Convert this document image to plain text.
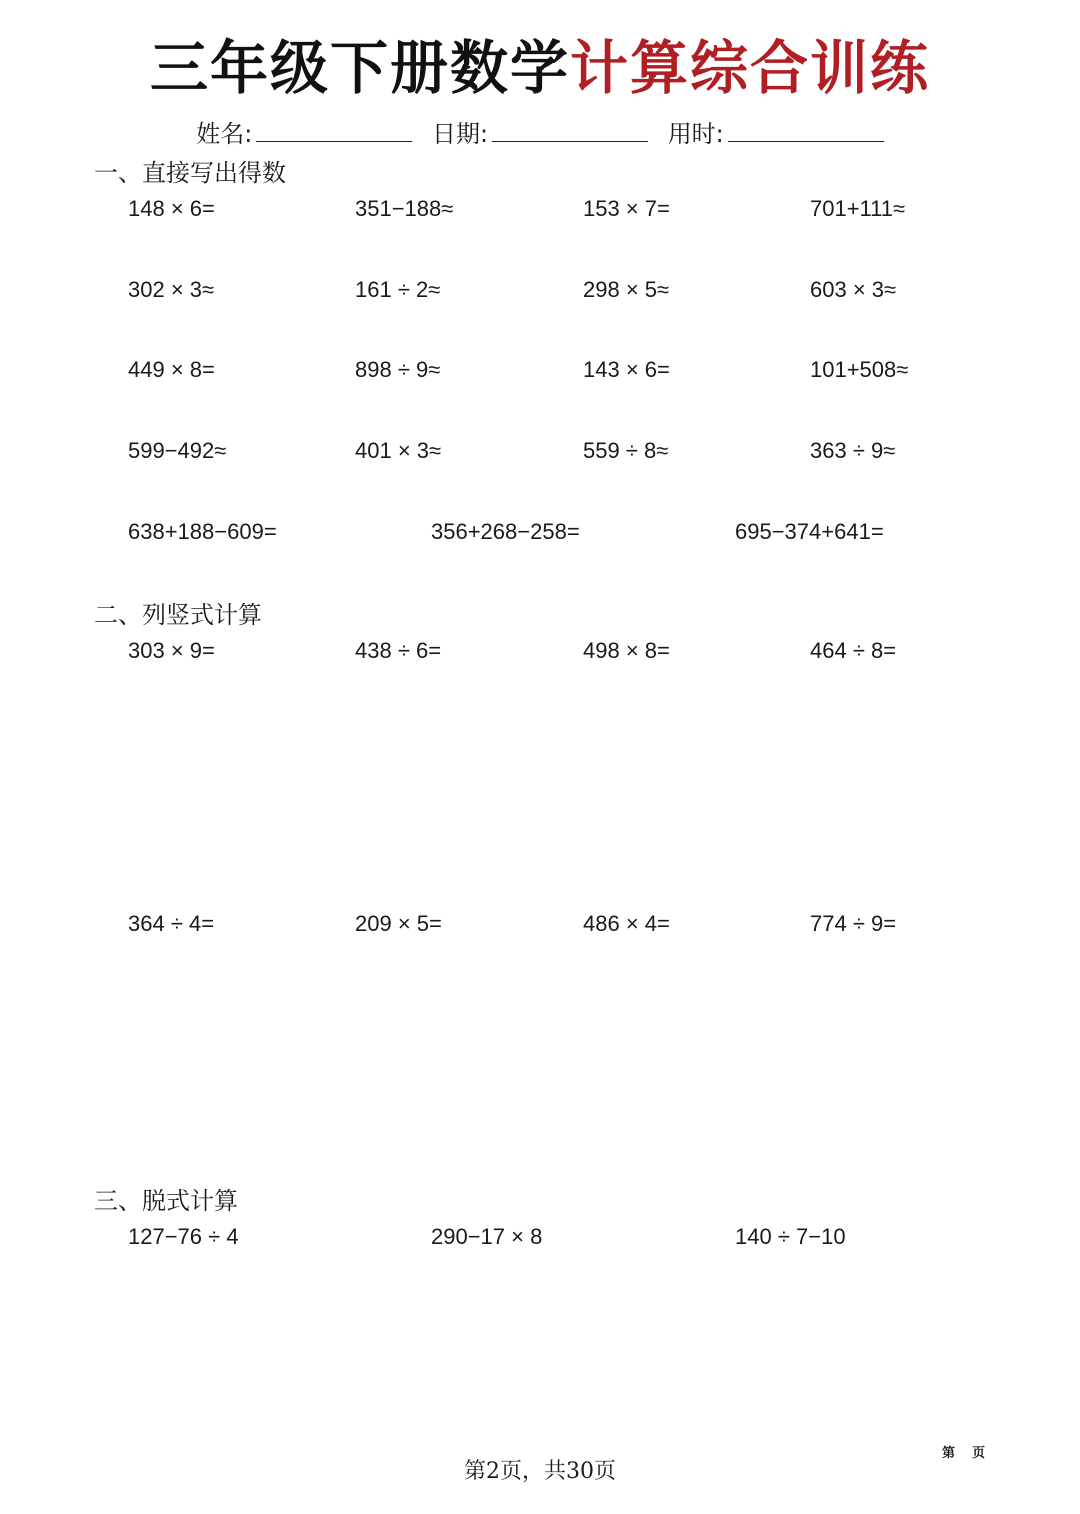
三年级下册数学计算综合训练
姓名:	日期:	用时:
一、直接写出得数
148 × 6=	351−188≈	153 × 7=	701+111≈
302 × 3≈	161 ÷ 2≈	298 × 5≈	603 × 3≈
449 × 8=	898 ÷ 9≈	143 × 6=	101+508≈
599−492≈	401 × 3≈	559 ÷ 8≈	363 ÷ 9≈
638+188−609=	356+268−258=	695−374+641=
二、列竖式计算
303 × 9=	438 ÷ 6=	498 × 8=	464 ÷ 8=
364 ÷ 4=	209 × 5=	486 × 4=	774 ÷ 9=
三、脱式计算
127−76 ÷ 4	290−17 × 8	140 ÷ 7−10
第 页
第2页，共30页
